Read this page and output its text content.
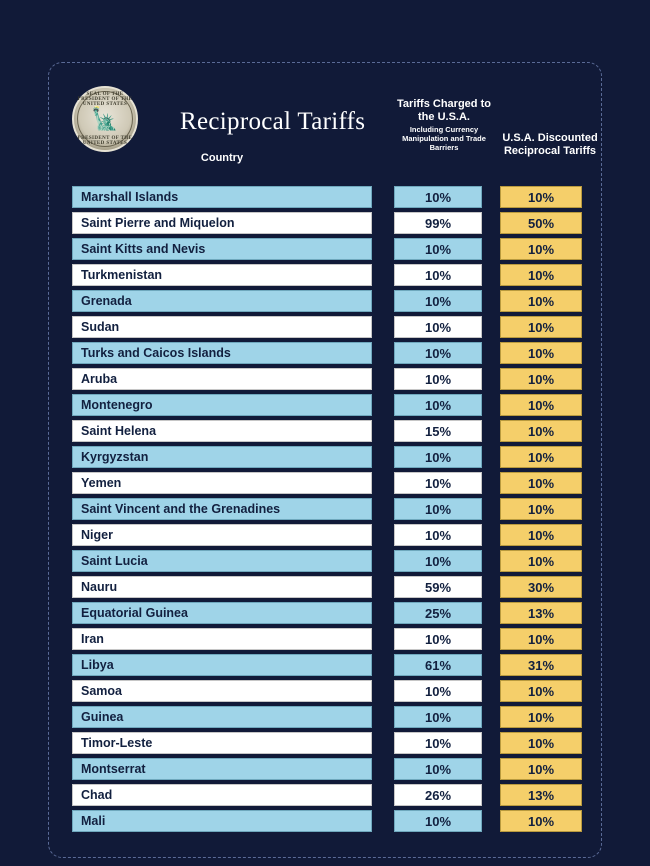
SEAL OF THE PRESIDENT OF THE UNITED STATES
🗽
PRESIDENT OF THE UNITED STATES
Reciprocal Tariffs
Tariffs Charged to the U.S.A.
Including Currency Manipulation and Trade Barriers
U.S.A. Discounted Reciprocal Tariffs
Country
Marshall Islands	10%	10%
Saint Pierre and Miquelon	99%	50%
Saint Kitts and Nevis	10%	10%
Turkmenistan	10%	10%
Grenada	10%	10%
Sudan	10%	10%
Turks and Caicos Islands	10%	10%
Aruba	10%	10%
Montenegro	10%	10%
Saint Helena	15%	10%
Kyrgyzstan	10%	10%
Yemen	10%	10%
Saint Vincent and the Grenadines	10%	10%
Niger	10%	10%
Saint Lucia	10%	10%
Nauru	59%	30%
Equatorial Guinea	25%	13%
Iran	10%	10%
Libya	61%	31%
Samoa	10%	10%
Guinea	10%	10%
Timor-Leste	10%	10%
Montserrat	10%	10%
Chad	26%	13%
Mali	10%	10%
